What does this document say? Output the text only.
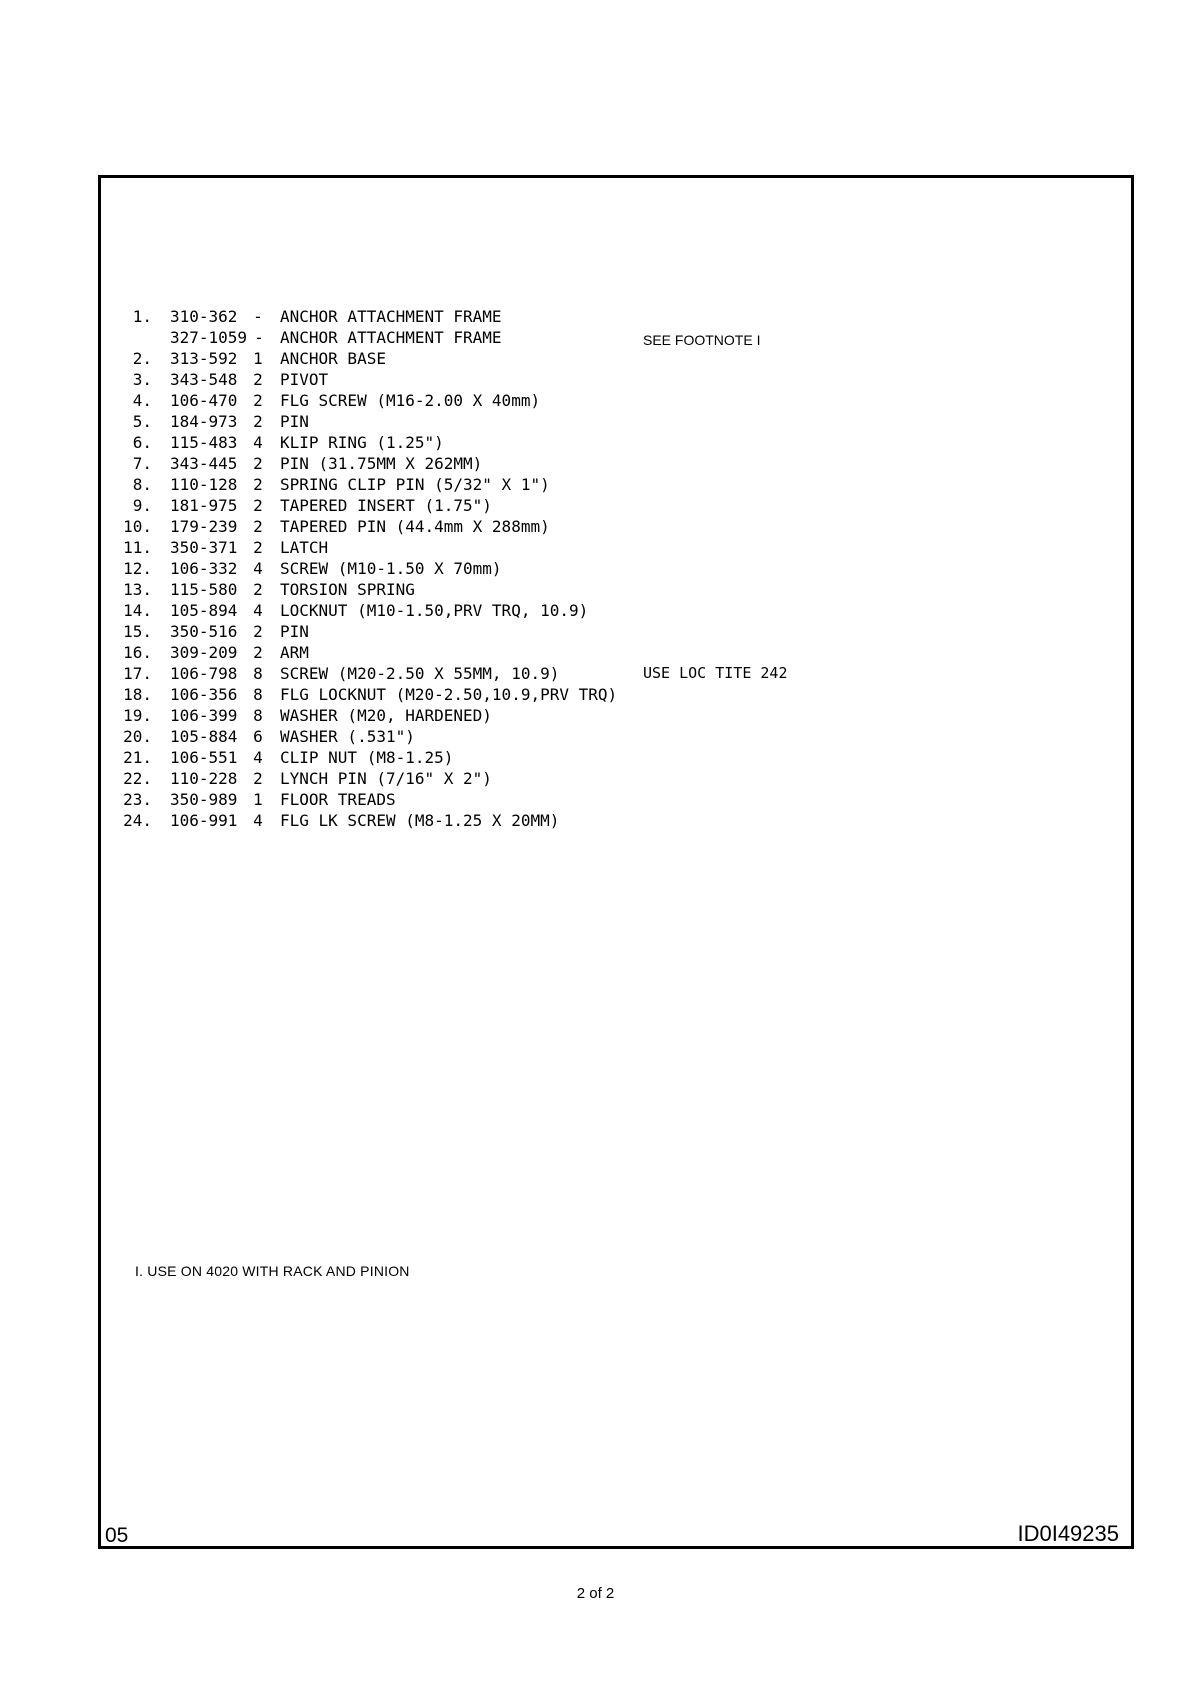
1. 310-362 - ANCHOR ATTACHMENT FRAME
327-1059 - ANCHOR ATTACHMENT FRAME	SEE FOOTNOTE I
2. 313-592 1 ANCHOR BASE
3. 343-548 2 PIVOT
4. 106-470 2 FLG SCREW (M16-2.00 X 40mm)
5. 184-973 2 PIN
6. 115-483 4 KLIP RING (1.25")
7. 343-445 2 PIN (31.75MM X 262MM)
8. 110-128 2 SPRING CLIP PIN (5/32" X 1")
9. 181-975 2 TAPERED INSERT (1.75")
10. 179-239 2 TAPERED PIN (44.4mm X 288mm)
11. 350-371 2 LATCH
12. 106-332 4 SCREW (M10-1.50 X 70mm)
13. 115-580 2 TORSION SPRING
14. 105-894 4 LOCKNUT (M10-1.50,PRV TRQ, 10.9)
15. 350-516 2 PIN
16. 309-209 2 ARM
17. 106-798 8 SCREW (M20-2.50 X 55MM, 10.9)	USE LOC TITE 242
18. 106-356 8 FLG LOCKNUT (M20-2.50,10.9,PRV TRQ)
19. 106-399 8 WASHER (M20, HARDENED)
20. 105-884 6 WASHER (.531")
21. 106-551 4 CLIP NUT (M8-1.25)
22. 110-228 2 LYNCH PIN (7/16" X 2")
23. 350-989 1 FLOOR TREADS
24. 106-991 4 FLG LK SCREW (M8-1.25 X 20MM)
I. USE ON 4020 WITH RACK AND PINION
05	ID0I49235
2 of 2
